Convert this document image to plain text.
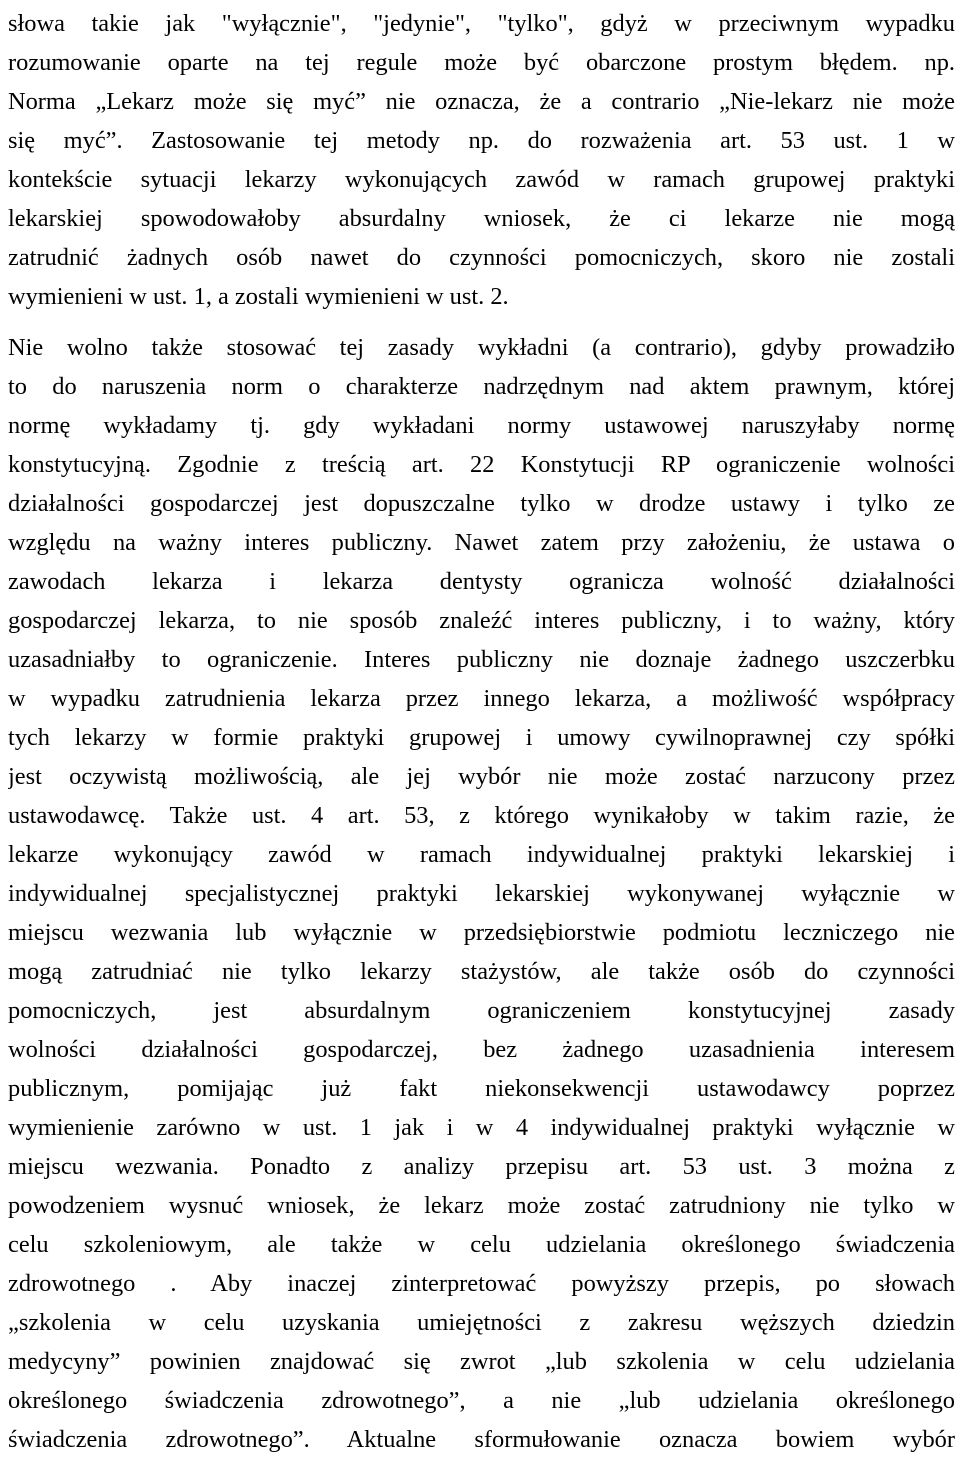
słowa takie jak "wyłącznie", "jedynie", "tylko", gdyż w przeciwnym wypadku
rozumowanie oparte na tej regule może być obarczone prostym błędem. np.
Norma „Lekarz może się myć” nie oznacza, że a contrario „Nie-lekarz nie może
się myć”. Zastosowanie tej metody np. do rozważenia art. 53 ust. 1 w
kontekście sytuacji lekarzy wykonujących zawód w ramach grupowej praktyki
lekarskiej spowodowałoby absurdalny wniosek, że ci lekarze nie mogą
zatrudnić żadnych osób nawet do czynności pomocniczych, skoro nie zostali
wymienieni w ust. 1, a zostali wymienieni w ust. 2.
Nie wolno także stosować tej zasady wykładni (a contrario), gdyby prowadziło
to do naruszenia norm o charakterze nadrzędnym nad aktem prawnym, której
normę wykładamy tj. gdy wykładani normy ustawowej naruszyłaby normę
konstytucyjną. Zgodnie z treścią art. 22 Konstytucji RP ograniczenie wolności
działalności gospodarczej jest dopuszczalne tylko w drodze ustawy i tylko ze
względu na ważny interes publiczny. Nawet zatem przy założeniu, że ustawa o
zawodach lekarza i lekarza dentysty ogranicza wolność działalności
gospodarczej lekarza, to nie sposób znaleźć interes publiczny, i to ważny, który
uzasadniałby to ograniczenie. Interes publiczny nie doznaje żadnego uszczerbku
w wypadku zatrudnienia lekarza przez innego lekarza, a możliwość współpracy
tych lekarzy w formie praktyki grupowej i umowy cywilnoprawnej czy spółki
jest oczywistą możliwością, ale jej wybór nie może zostać narzucony przez
ustawodawcę. Także ust. 4 art. 53, z którego wynikałoby w takim razie, że
lekarze wykonujący zawód w ramach indywidualnej praktyki lekarskiej i
indywidualnej specjalistycznej praktyki lekarskiej wykonywanej wyłącznie w
miejscu wezwania lub wyłącznie w przedsiębiorstwie podmiotu leczniczego nie
mogą zatrudniać nie tylko lekarzy stażystów, ale także osób do czynności
pomocniczych, jest absurdalnym ograniczeniem konstytucyjnej zasady
wolności działalności gospodarczej, bez żadnego uzasadnienia interesem
publicznym, pomijając już fakt niekonsekwencji ustawodawcy poprzez
wymienienie zarówno w ust. 1 jak i w 4 indywidualnej praktyki wyłącznie w
miejscu wezwania. Ponadto z analizy przepisu art. 53 ust. 3 można z
powodzeniem wysnuć wniosek, że lekarz może zostać zatrudniony nie tylko w
celu szkoleniowym, ale także w celu udzielania określonego świadczenia
zdrowotnego . Aby inaczej zinterpretować powyższy przepis, po słowach
„szkolenia w celu uzyskania umiejętności z zakresu węższych dziedzin
medycyny” powinien znajdować się zwrot „lub szkolenia w celu udzielania
określonego świadczenia zdrowotnego”, a nie „lub udzielania określonego
świadczenia zdrowotnego”. Aktualne sformułowanie oznacza bowiem wybór
